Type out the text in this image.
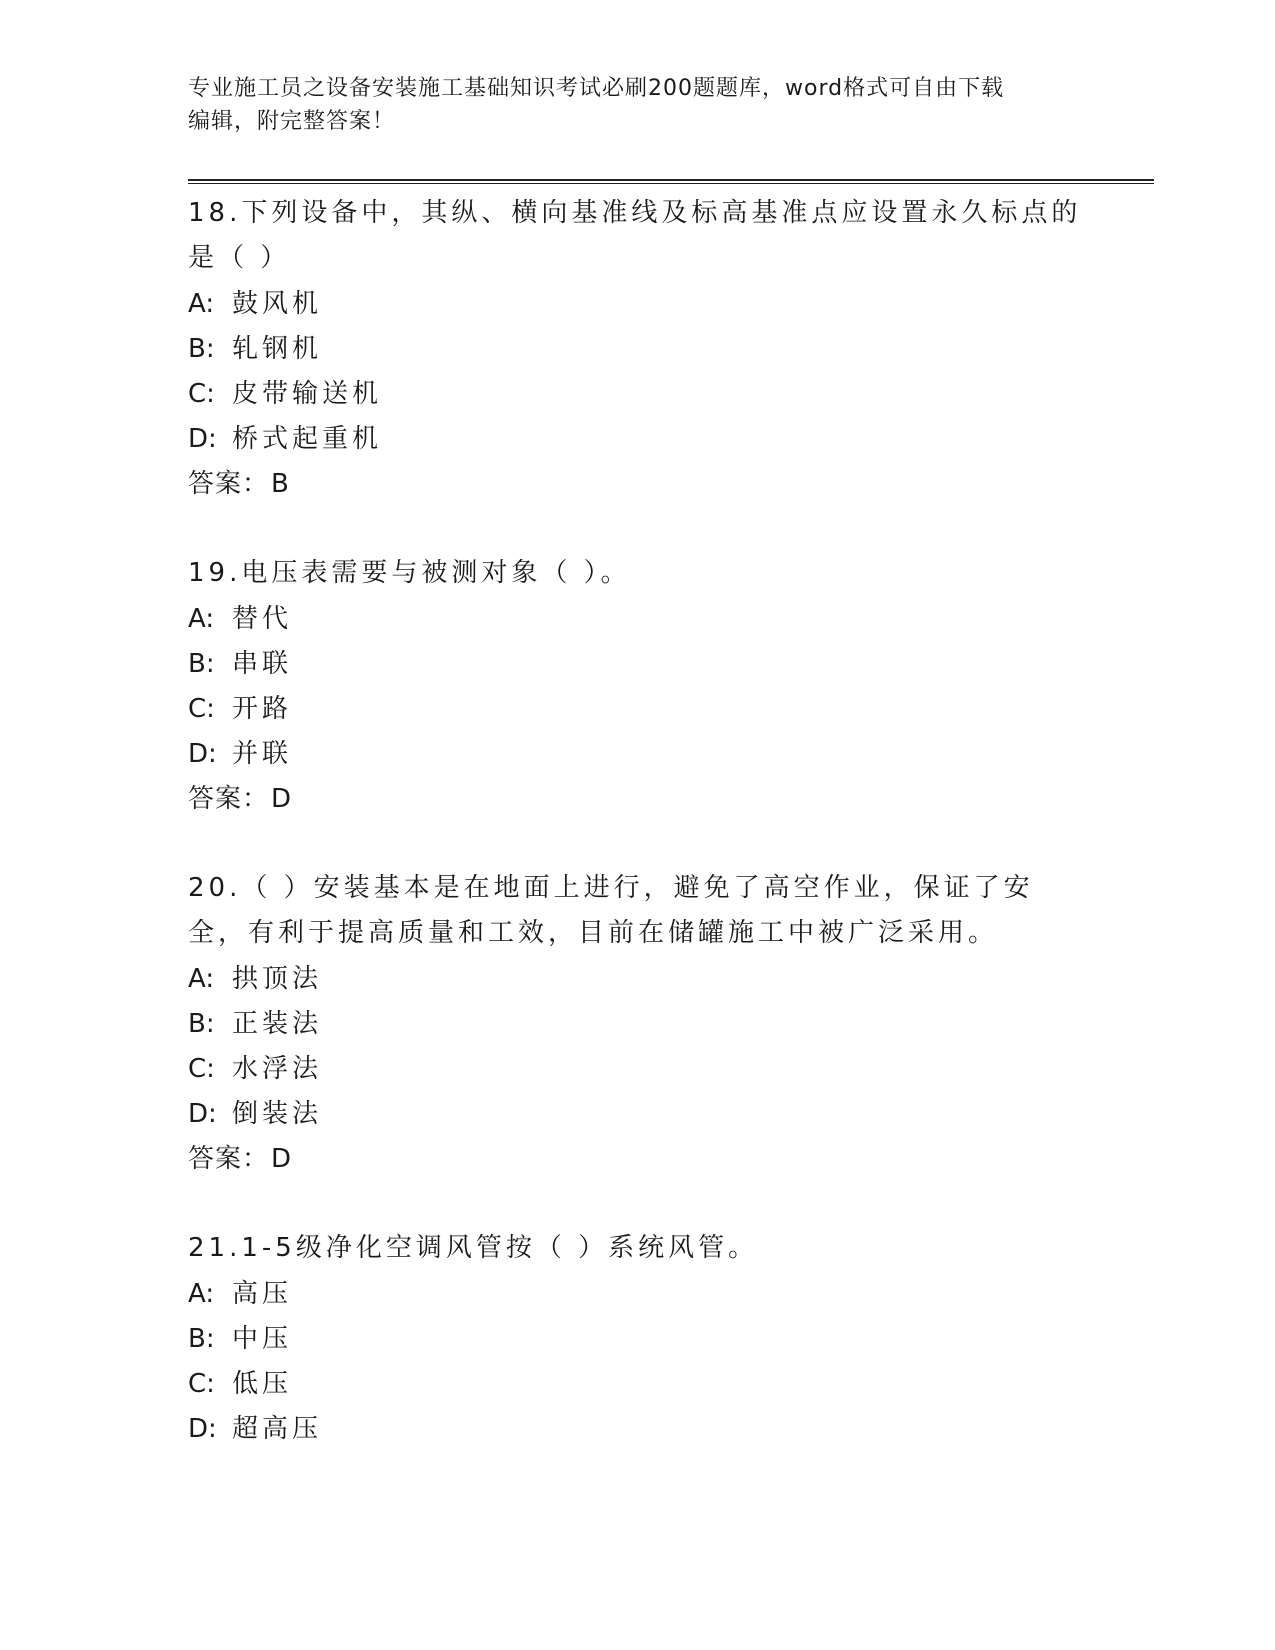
专业施工员之设备安装施工基础知识考试必刷200题题库，word格式可自由下载
编辑，附完整答案！
18.下列设备中，其纵、横向基准线及标高基准点应设置永久标点的是（ ）
A: 鼓风机
B: 轧钢机
C: 皮带输送机
D: 桥式起重机
答案：B
19.电压表需要与被测对象（ ）。
A: 替代
B: 串联
C: 开路
D: 并联
答案：D
20.（ ）安装基本是在地面上进行，避免了高空作业，保证了安全，有利于提高质量和工效，目前在储罐施工中被广泛采用。
A: 拱顶法
B: 正装法
C: 水浮法
D: 倒装法
答案：D
21.1-5级净化空调风管按（ ）系统风管。
A: 高压
B: 中压
C: 低压
D: 超高压
